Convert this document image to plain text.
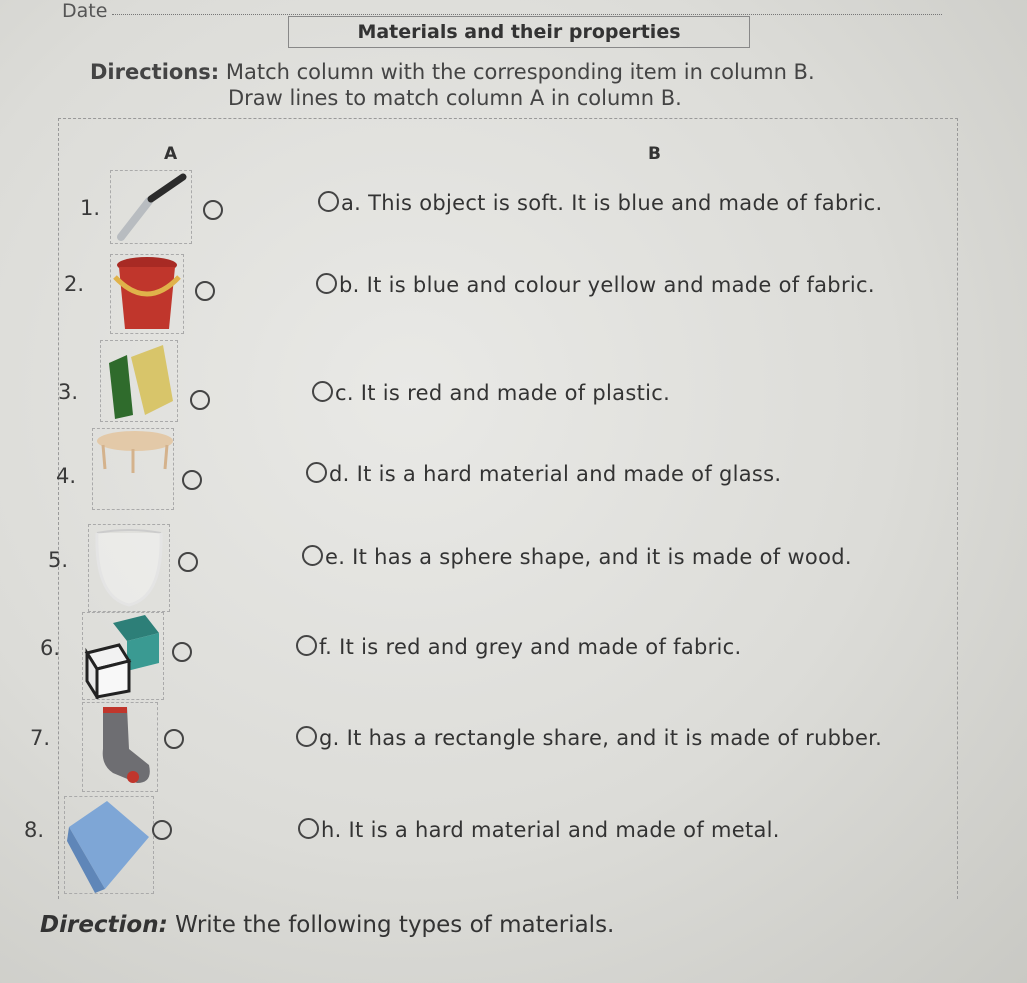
Date
Materials and their properties
Directions: Match column with the corresponding item in column B.
Draw lines to match column A in column B.
A	B
1.	a. This object is soft. It is blue and made of fabric.
2.	b. It is blue and colour yellow and made of fabric.
3.	c. It is red and made of plastic.
4.	d. It is a hard material and made of glass.
5.	e. It has a sphere shape, and it is made of wood.
6.	f. It is red and grey and made of fabric.
7.	g. It has a rectangle share, and it is made of rubber.
8.	h. It is a hard material and made of metal.
Direction: Write the following types of materials.
